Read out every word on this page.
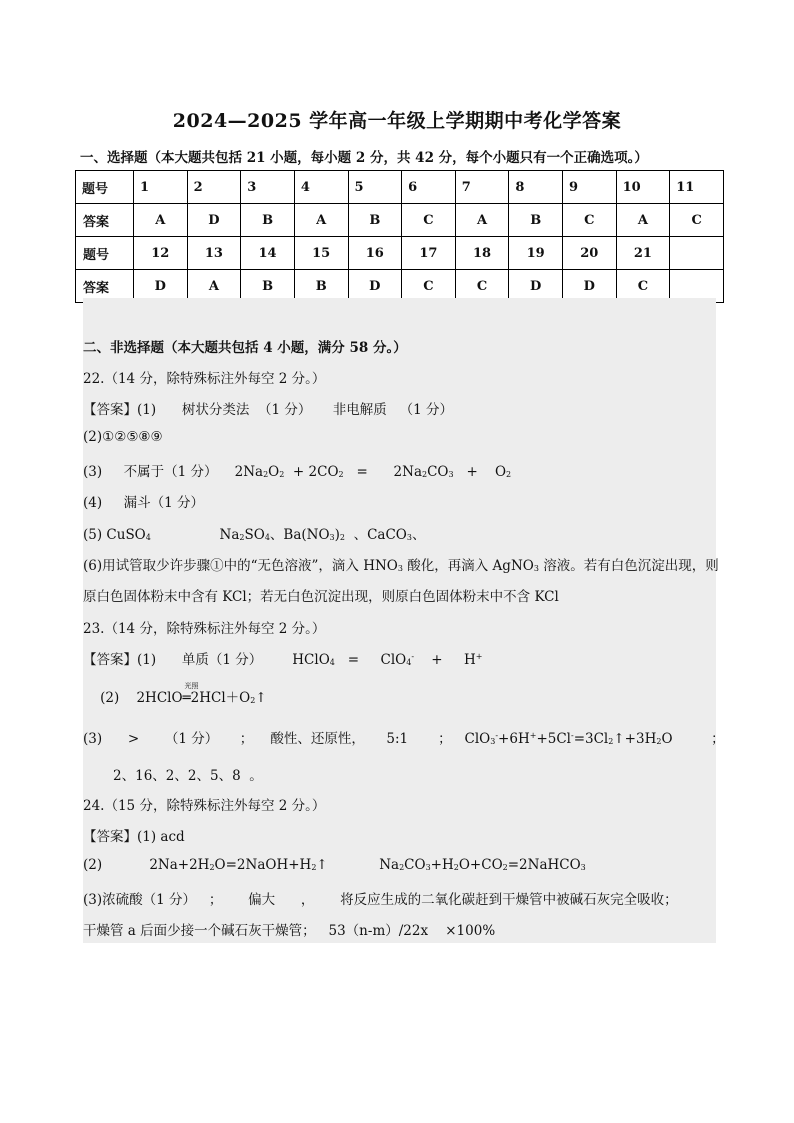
2024—2025 学年高一年级上学期期中考化学答案
一、选择题（本大题共包括 21 小题，每小题 2 分，共 42 分，每个小题只有一个正确选项。）
题号	1	2	3	4	5	6	7	8	9	10	11
答案	A	D	B	A	B	C	A	B	C	A	C
题号	12	13	14	15	16	17	18	19	20	21	
答案	D	A	B	B	D	C	C	D	D	C	
二、非选择题（本大题共包括 4 小题，满分 58 分。）
22.（14 分，除特殊标注外每空 2 分。）
【答案】(1)      树状分类法  （1 分）     非电解质   （1 分）
(2)①②⑤⑧⑨
(3)     不属于（1 分）    $2Na_2O_2 + 2CO_2$   =      $2Na_2CO_3$   +    $O_2$
(4)     漏斗（1 分）
(5) CuSO$_4$                $Na_2SO_4$、$Ba(NO_3)_2$  、CaCO$_3$、
(6)用试管取少许步骤①中的“无色溶液”，滴入 $HNO_3$ 酸化，再滴入 AgNO$_3$ 溶液。若有白色沉淀出现，则
原白色固体粉末中含有 KCl；若无白色沉淀出现，则原白色固体粉末中不含 KCl
23.（14 分，除特殊标注外每空 2 分。）
【答案】(1)      单质（1 分）       HClO$_4$   =     ClO$_4$-    +     H+
(2)    2HClO
光照
$═2HCl+O_2↑$
(3)      >      （1 分）     ；    酸性、还原性，     5:1       ；   $ClO_3^-+6H^++5Cl^-=3Cl_2↑+3H_2O$         ；
2、16、2、2、5、8  。
24.（15 分，除特殊标注外每空 2 分。）
【答案】(1) acd
(2)           $2Na+2H_2O=2NaOH+H_2↑$            $Na_2CO_3+H_2O+CO_2=2NaHCO_3$
(3)浓硫酸（1 分）   ；      偏大      ，      将反应生成的二氧化碳赶到干燥管中被碱石灰完全吸收；
干燥管 a 后面少接一个碱石灰干燥管；   53（n-m）/22x    ×100%
